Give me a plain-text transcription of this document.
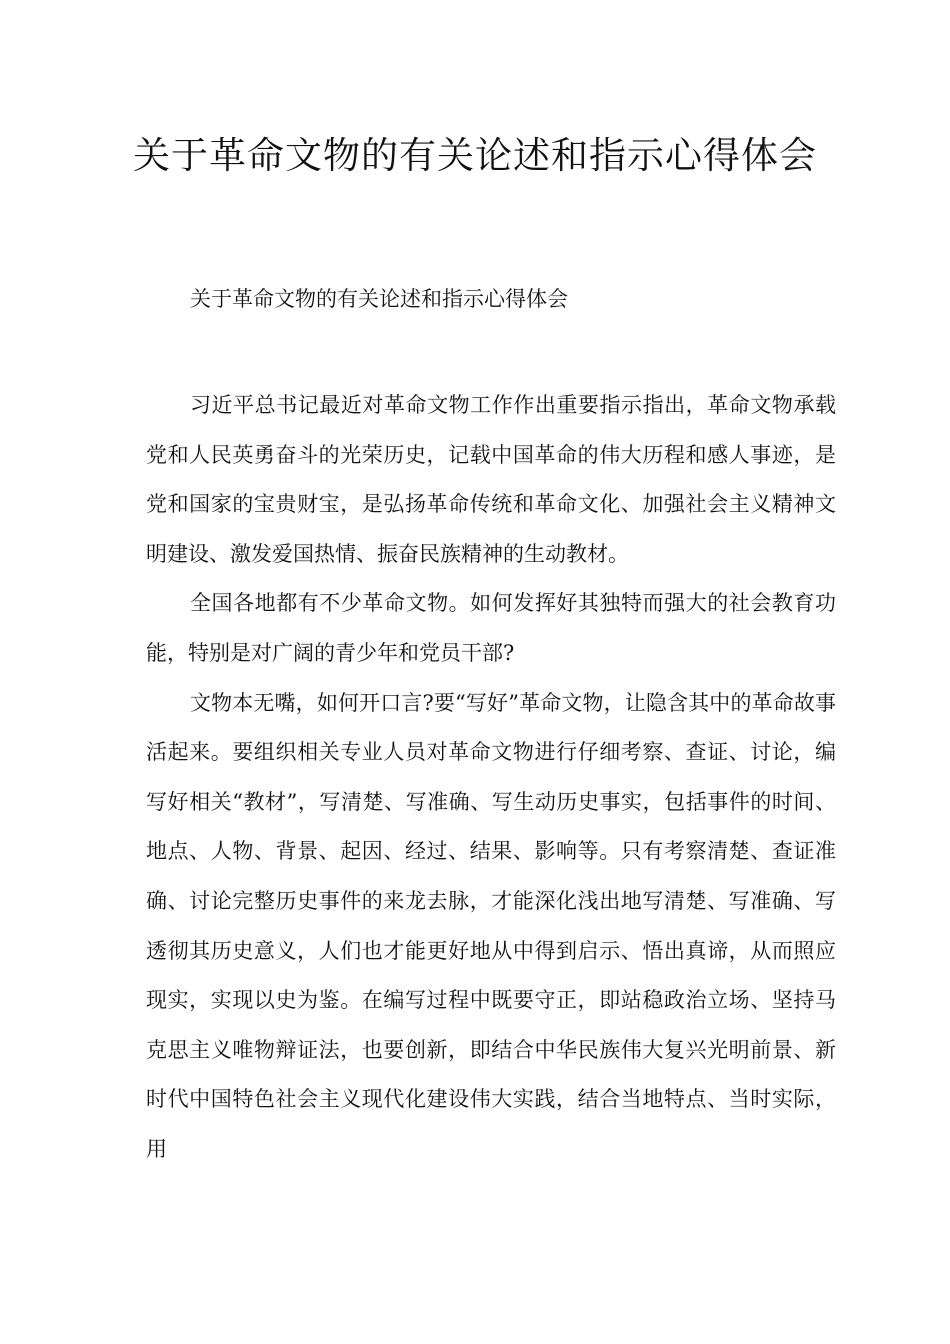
关于革命文物的有关论述和指示心得体会

关于革命文物的有关论述和指示心得体会

习近平总书记最近对革命文物工作作出重要指示指出，革命文物承载党和人民英勇奋斗的光荣历史，记载中国革命的伟大历程和感人事迹，是党和国家的宝贵财宝，是弘扬革命传统和革命文化、加强社会主义精神文明建设、激发爱国热情、振奋民族精神的生动教材。

全国各地都有不少革命文物。如何发挥好其独特而强大的社会教育功能，特别是对广阔的青少年和党员干部?

文物本无嘴，如何开口言?要“写好”革命文物，让隐含其中的革命故事活起来。要组织相关专业人员对革命文物进行仔细考察、查证、讨论，编写好相关“教材”，写清楚、写准确、写生动历史事实，包括事件的时间、地点、人物、背景、起因、经过、结果、影响等。只有考察清楚、查证准确、讨论完整历史事件的来龙去脉，才能深化浅出地写清楚、写准确、写透彻其历史意义，人们也才能更好地从中得到启示、悟出真谛，从而照应现实，实现以史为鉴。在编写过程中既要守正，即站稳政治立场、坚持马克思主义唯物辩证法，也要创新，即结合中华民族伟大复兴光明前景、新时代中国特色社会主义现代化建设伟大实践，结合当地特点、当时实际，用
